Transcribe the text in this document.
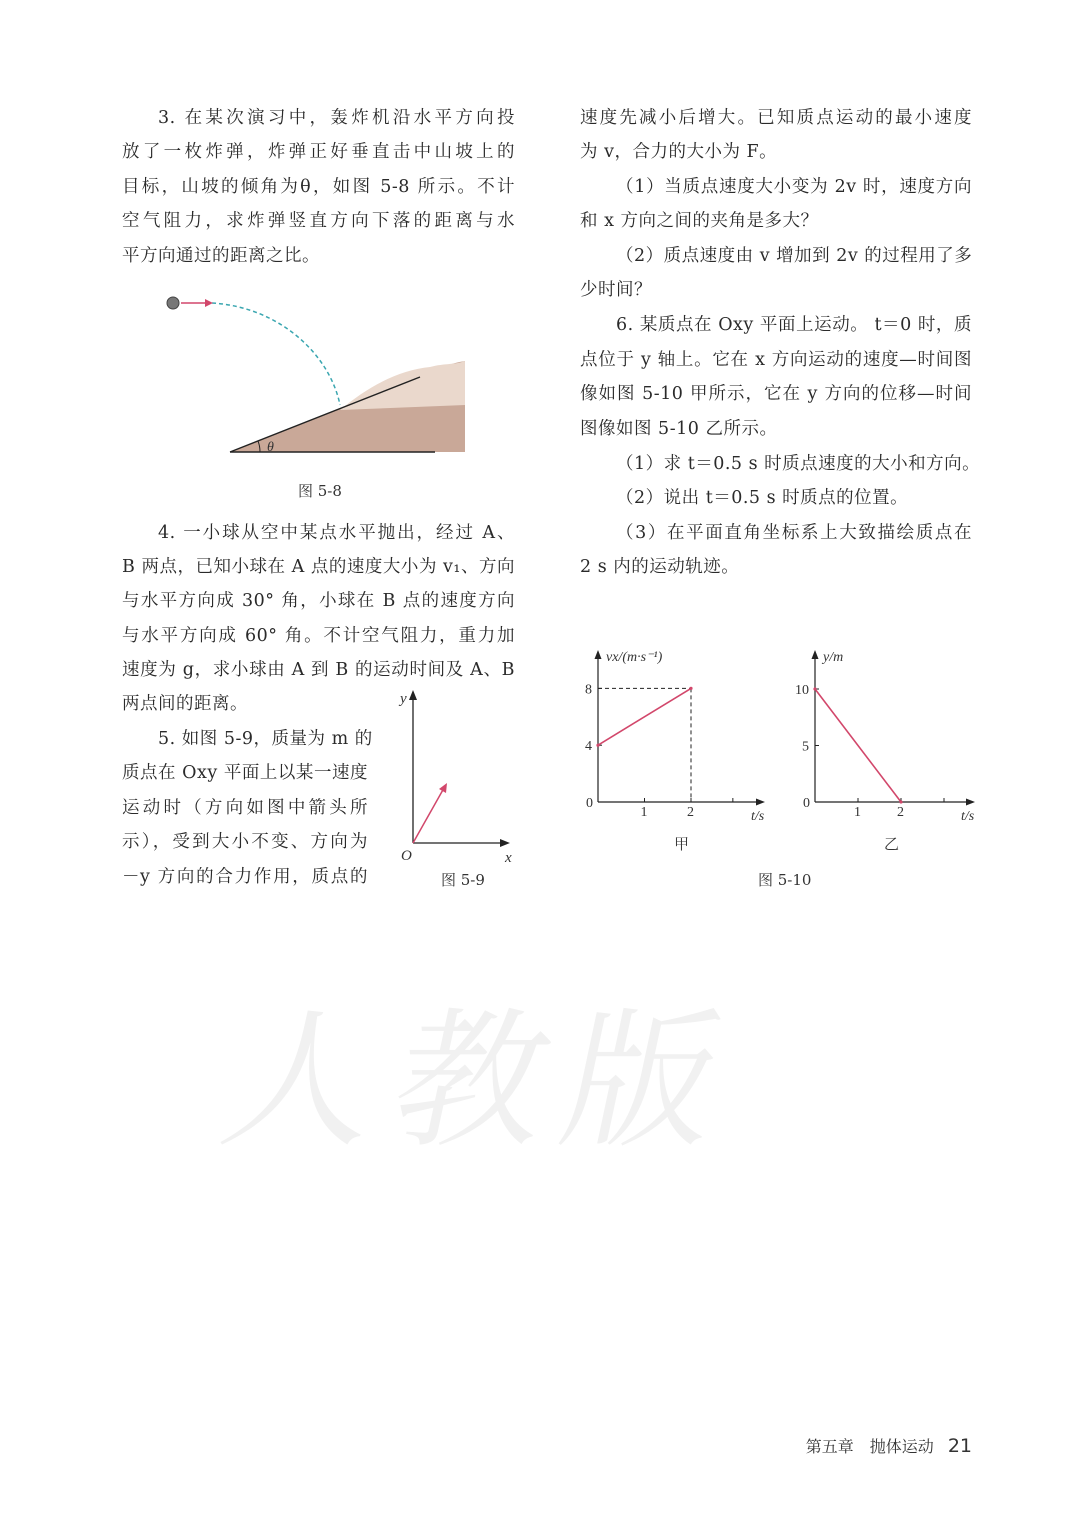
人教版
3. 在某次演习中，轰炸机沿水平方向投
放了一枚炸弹，炸弹正好垂直击中山坡上的
目标，山坡的倾角为θ，如图 5-8 所示。不计
空气阻力，求炸弹竖直方向下落的距离与水
平方向通过的距离之比。
4. 一小球从空中某点水平抛出，经过 A、
B 两点，已知小球在 A 点的速度大小为 v₁、方向
与水平方向成 30° 角，小球在 B 点的速度方向
与水平方向成 60° 角。不计空气阻力，重力加
速度为 g，求小球由 A 到 B 的运动时间及 A、B
两点间的距离。
5. 如图 5-9，质量为 m 的
质点在 Oxy 平面上以某一速度
运动时（方向如图中箭头所
示），受到大小不变、方向为
－y 方向的合力作用，质点的
速度先减小后增大。已知质点运动的最小速度
为 v，合力的大小为 F。
（1）当质点速度大小变为 2v 时，速度方向
和 x 方向之间的夹角是多大？
（2）质点速度由 v 增加到 2v 的过程用了多
少时间？
6. 某质点在 Oxy 平面上运动。 t＝0 时，质
点位于 y 轴上。它在 x 方向运动的速度—时间图
像如图 5-10 甲所示，它在 y 方向的位移—时间
图像如图 5-10 乙所示。
（1）求 t＝0.5 s 时质点速度的大小和方向。
（2）说出 t＝0.5 s 时质点的位置。
（3）在平面直角坐标系上大致描绘质点在
2 s 内的运动轨迹。
θ
图 5-8
y
O	x
图 5-9
0
1	2
4
8
vx/(m·s⁻¹)
t/s
甲
0
1	2
5
10
y/m
t/s
乙
图 5-10
第五章　抛体运动 21
